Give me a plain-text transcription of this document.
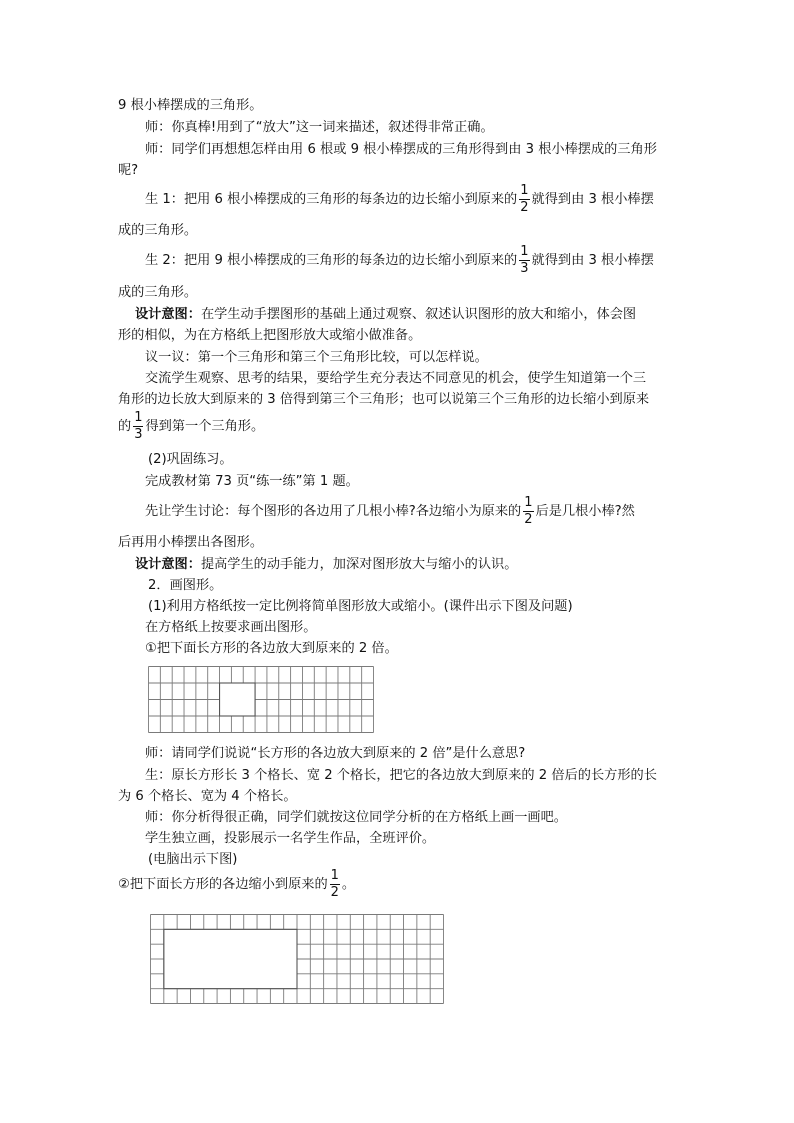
9 根小棒摆成的三角形。
师：你真棒!用到了“放大”这一词来描述，叙述得非常正确。
师：同学们再想想怎样由用 6 根或 9 根小棒摆成的三角形得到由 3 根小棒摆成的三角形
呢?
生 1：把用 6 根小棒摆成的三角形的每条边的边长缩小到原来的 $\frac{1}{2}$ 就得到由 3 根小棒摆
成的三角形。
生 2：把用 9 根小棒摆成的三角形的每条边的边长缩小到原来的 $\frac{1}{3}$ 就得到由 3 根小棒摆
成的三角形。
设计意图：在学生动手摆图形的基础上通过观察、叙述认识图形的放大和缩小，体会图
形的相似，为在方格纸上把图形放大或缩小做准备。
议一议：第一个三角形和第三个三角形比较，可以怎样说。
交流学生观察、思考的结果，要给学生充分表达不同意见的机会，使学生知道第一个三
角形的边长放大到原来的 3 倍得到第三个三角形；也可以说第三个三角形的边长缩小到原来
的 $\frac{1}{3}$ 得到第一个三角形。
(2)巩固练习。
完成教材第 73 页“练一练”第 1 题。
先让学生讨论：每个图形的各边用了几根小棒?各边缩小为原来的 $\frac{1}{2}$ 后是几根小棒?然
后再用小棒摆出各图形。
设计意图：提高学生的动手能力，加深对图形放大与缩小的认识。
2．画图形。
(1)利用方格纸按一定比例将简单图形放大或缩小。(课件出示下图及问题)
在方格纸上按要求画出图形。
①把下面长方形的各边放大到原来的 2 倍。
师：请同学们说说“长方形的各边放大到原来的 2 倍”是什么意思?
生：原长方形长 3 个格长、宽 2 个格长，把它的各边放大到原来的 2 倍后的长方形的长
为 6 个格长、宽为 4 个格长。
师：你分析得很正确，同学们就按这位同学分析的在方格纸上画一画吧。
学生独立画，投影展示一名学生作品，全班评价。
(电脑出示下图)
②把下面长方形的各边缩小到原来的 $\frac{1}{2}$ 。
